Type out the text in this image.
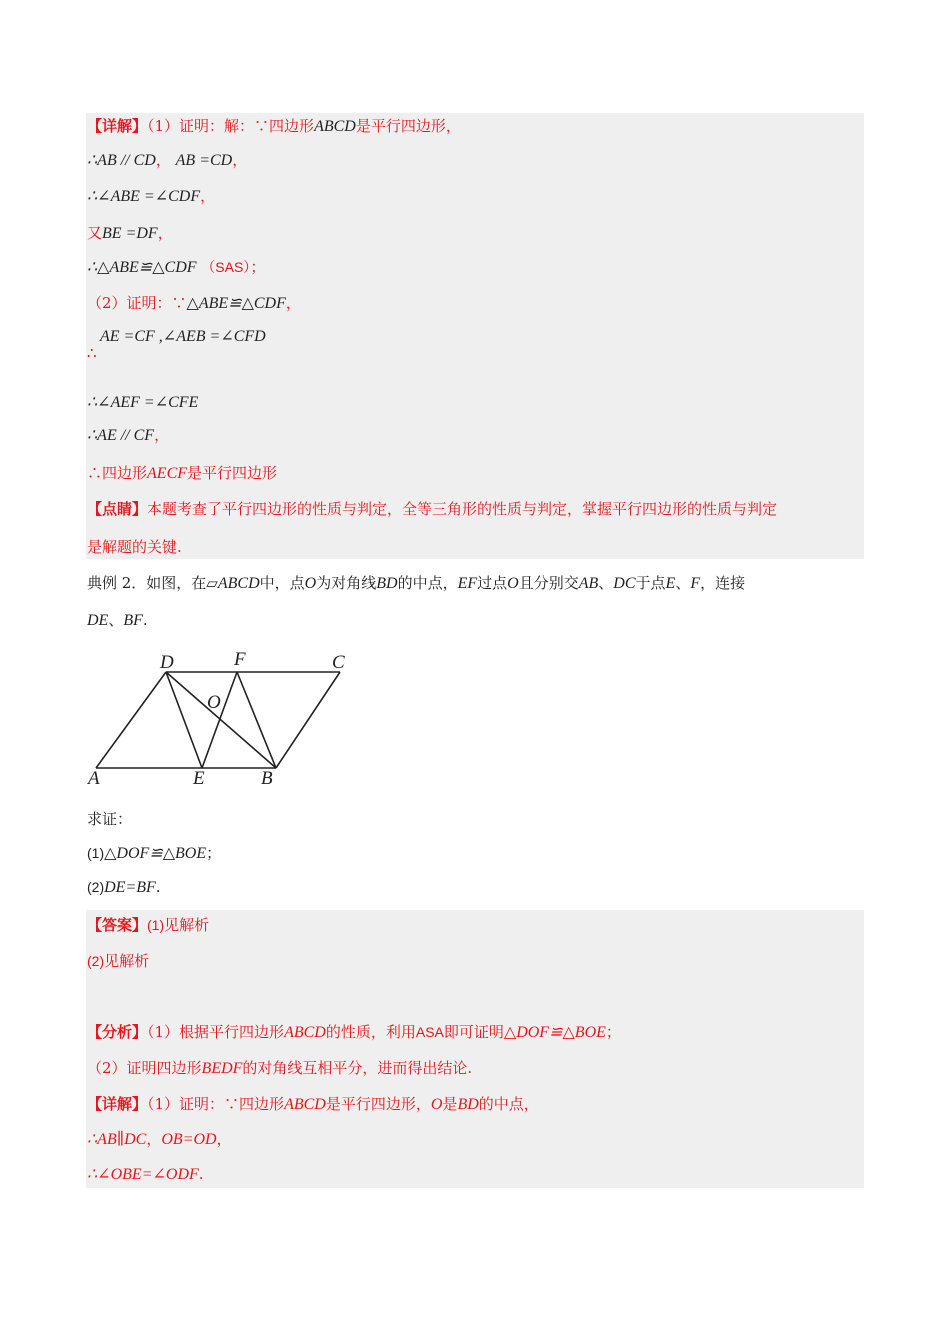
【详解】（1）证明：解：∵四边形ABCD是平行四边形，
∴AB // CD， AB =CD，
∴∠ABE =∠CDF，
又BE =DF，
∴△ABE≌△CDF （SAS）；
（2）证明：∵△ABE≌△CDF，
AE =CF ,∠AEB =∠CFD
∴
∴∠AEF =∠CFE
∴AE // CF，
∴四边形AECF是平行四边形
【点睛】本题考查了平行四边形的性质与判定，全等三角形的性质与判定，掌握平行四边形的性质与判定
是解题的关键.
典例 2．如图，在▱ABCD中，点O为对角线BD的中点，EF过点O且分别交AB、DC于点E、F，连接
DE、BF.
D	F	C
O
A	E	B
求证：
(1)△DOF≌△BOE；
(2)DE=BF.
【答案】(1)见解析
(2)见解析
【分析】（1）根据平行四边形ABCD的性质，利用ASA即可证明△DOF≌△BOE；
（2）证明四边形BEDF的对角线互相平分，进而得出结论.
【详解】（1）证明：∵四边形ABCD是平行四边形，O是BD的中点，
∴AB∥DC，OB=OD，
∴∠OBE=∠ODF.
